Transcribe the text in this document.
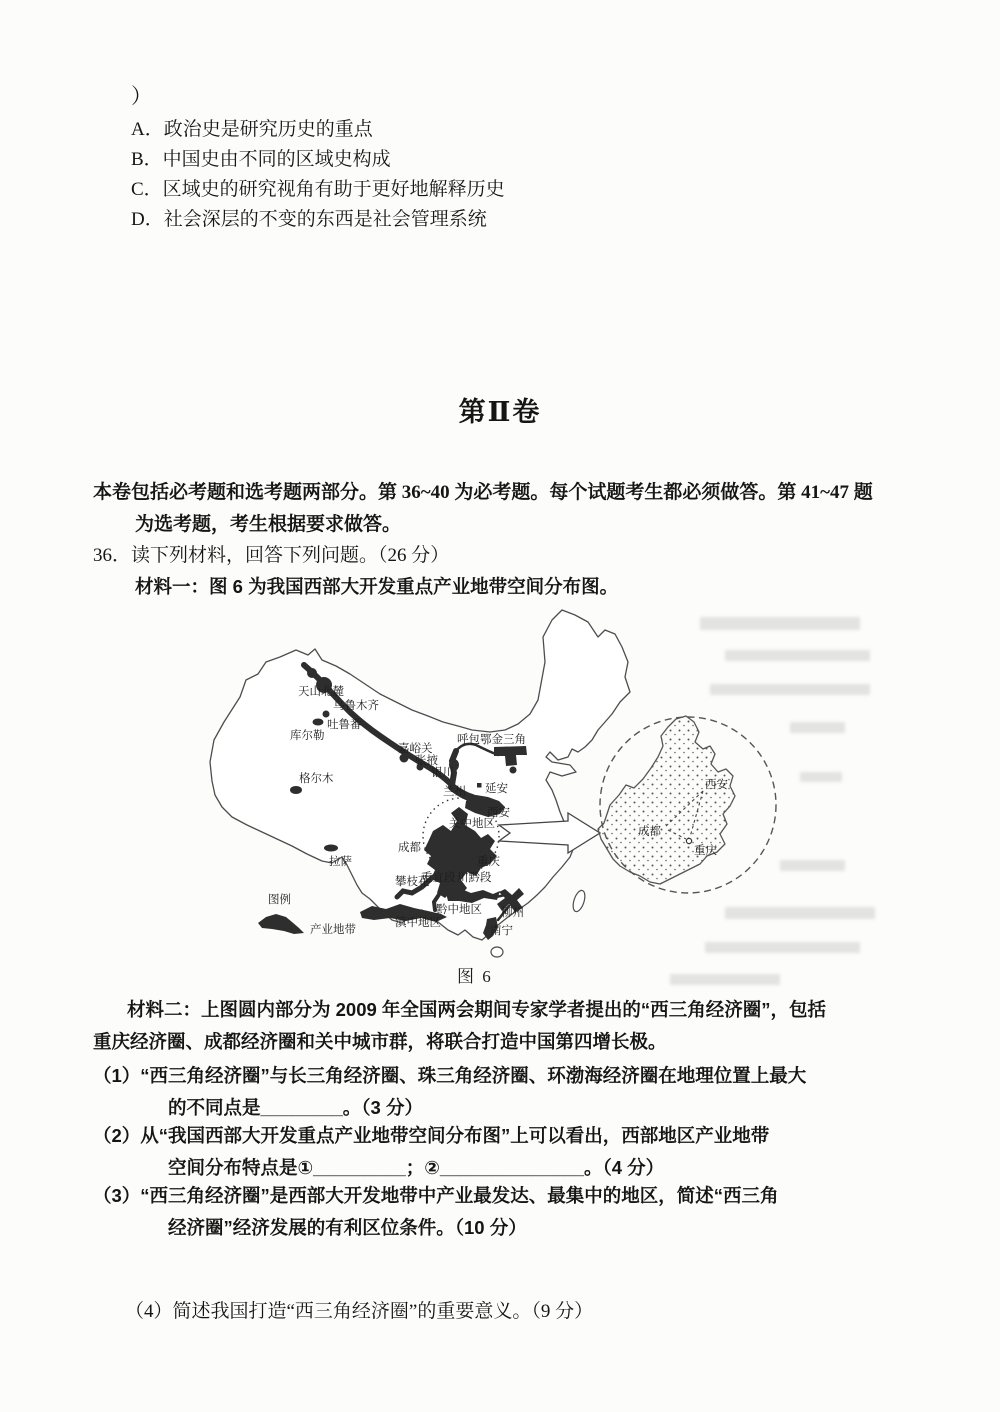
）
A．政治史是研究历史的重点
B．中国史由不同的区域史构成
C．区域史的研究视角有助于更好地解释历史
D．社会深层的不变的东西是社会管理系统
第Ⅱ卷
本卷包括必考题和选考题两部分。第 36~40 为必考题。每个试题考生都必须做答。第 41~47 题
为选考题，考生根据要求做答。
36．读下列材料，回答下列问题。（26 分）
材料一：图 6 为我国西部大开发重点产业地带空间分布图。
图例
产业地带
天山北麓
乌鲁木齐
吐鲁番
库尔勒
嘉峪关
张掖
呼包鄂金三角
银川
格尔木
兰州 延安
西安
关中地区
成都
重庆
攀枝花
重宜段 川黔段
黔中地区
滇中地区
柳州
南宁
拉萨
西安
成都
重庆
图 6
材料二：上图圆内部分为 2009 年全国两会期间专家学者提出的“西三角经济圈”，包括
重庆经济圈、成都经济圈和关中城市群，将联合打造中国第四增长极。
（1）“西三角经济圈”与长三角经济圈、珠三角经济圈、环渤海经济圈在地理位置上最大
的不同点是________。（3 分）
（2）从“我国西部大开发重点产业地带空间分布图”上可以看出，西部地区产业地带
空间分布特点是①_________；②______________。（4 分）
（3）“西三角经济圈”是西部大开发地带中产业最发达、最集中的地区，简述“西三角
经济圈”经济发展的有利区位条件。（10 分）
（4）简述我国打造“西三角经济圈”的重要意义。（9 分）
